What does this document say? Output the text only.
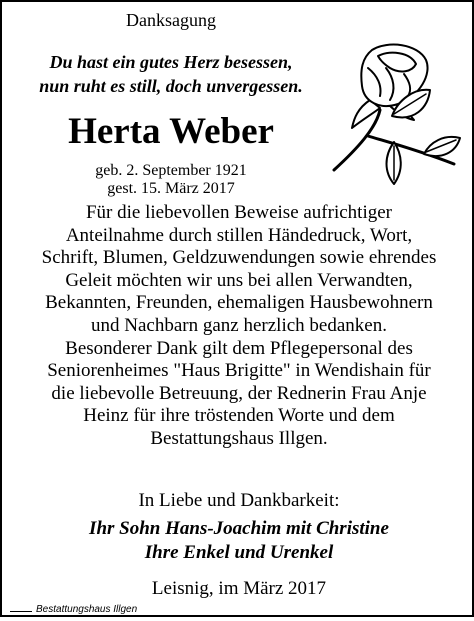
Danksagung
Du hast ein gutes Herz besessen,
nun ruht es still, doch unvergessen.
Herta Weber
geb. 2. September 1921
gest. 15. März 2017
Für die liebevollen Beweise aufrichtiger
Anteilnahme durch stillen Händedruck, Wort,
Schrift, Blumen, Geldzuwendungen sowie ehrendes
Geleit möchten wir uns bei allen Verwandten,
Bekannten, Freunden, ehemaligen Hausbewohnern
und Nachbarn ganz herzlich bedanken.
Besonderer Dank gilt dem Pflegepersonal des
Seniorenheimes "Haus Brigitte" in Wendishain für
die liebevolle Betreuung, der Rednerin Frau Anje
Heinz für ihre tröstenden Worte und dem
Bestattungshaus Illgen.
In Liebe und Dankbarkeit:
Ihr Sohn Hans-Joachim mit Christine
Ihre Enkel und Urenkel
Leisnig, im März 2017
Bestattungshaus Illgen
